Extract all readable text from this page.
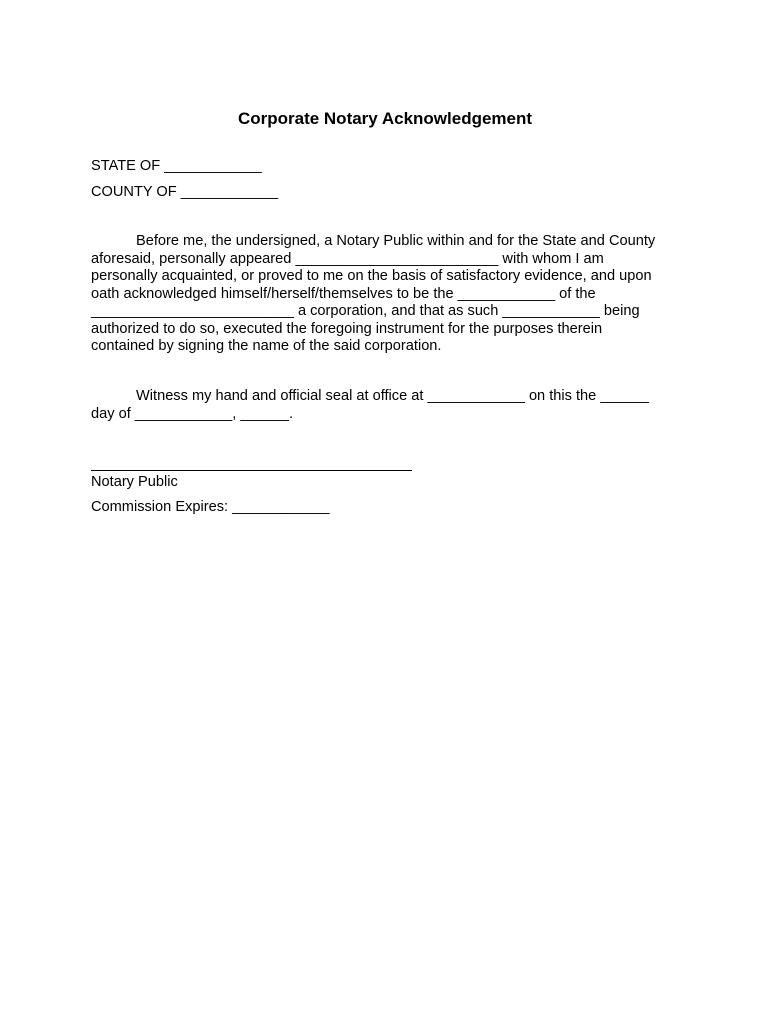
Corporate Notary Acknowledgement
STATE OF ____________
COUNTY OF ____________
Before me, the undersigned, a Notary Public within and for the State and County
aforesaid, personally appeared _________________________ with whom I am
personally acquainted, or proved to me on the basis of satisfactory evidence, and upon
oath acknowledged himself/herself/themselves to be the ____________ of the
_________________________ a corporation, and that as such ____________ being
authorized to do so, executed the foregoing instrument for the purposes therein
contained by signing the name of the said corporation.
Witness my hand and official seal at office at ____________ on this the ______
day of ____________, ______.
Notary Public
Commission Expires: ____________
